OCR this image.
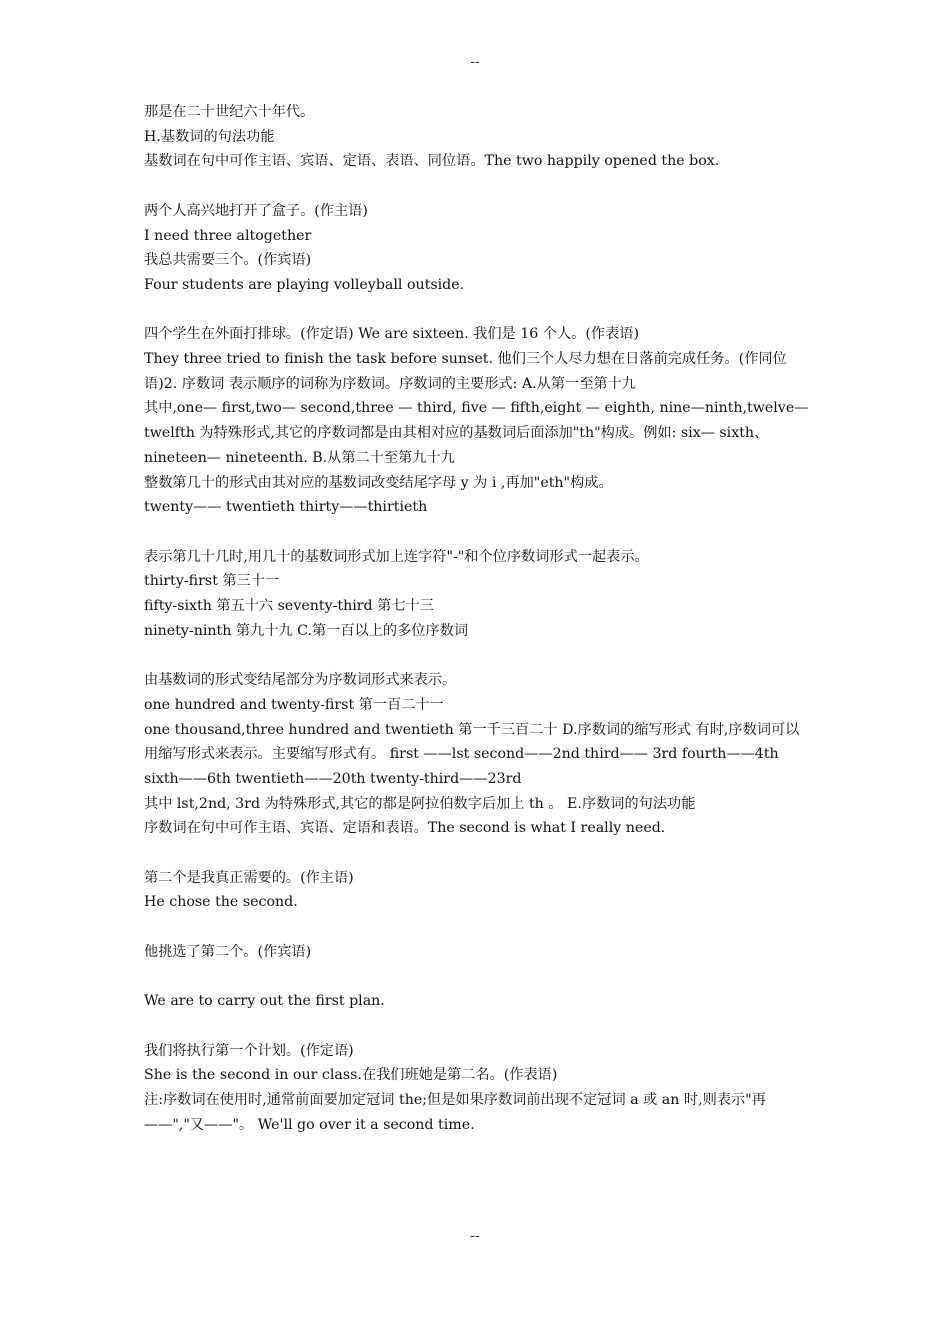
--

那是在二十世纪六十年代。

H.基数词的句法功能

基数词在句中可作主语、宾语、定语、表语、同位语。The two happily opened the box.

两个人高兴地打开了盒子。(作主语)

I need three altogether

我总共需要三个。(作宾语)

Four students are playing volleyball outside.

四个学生在外面打排球。(作定语) We are sixteen. 我们是 16 个人。(作表语)

They three tried to finish the task before sunset. 他们三个人尽力想在日落前完成任务。(作同位语)2. 序数词 表示顺序的词称为序数词。序数词的主要形式: A.从第一至第十九

其中,one— first,two— second,three — third, five — fifth,eight — eighth, nine—ninth,twelve— twelfth 为特殊形式,其它的序数词都是由其相对应的基数词后面添加"th"构成。例如: six— sixth、nineteen— nineteenth. B.从第二十至第九十九

整数第几十的形式由其对应的基数词改变结尾字母 y 为 i ,再加"eth"构成。

twenty—— twentieth thirty——thirtieth

表示第几十几时,用几十的基数词形式加上连字符"-"和个位序数词形式一起表示。

thirty-first 第三十一

fifty-sixth 第五十六 seventy-third 第七十三

ninety-ninth 第九十九 C.第一百以上的多位序数词

由基数词的形式变结尾部分为序数词形式来表示。

one hundred and twenty-first 第一百二十一

one thousand,three hundred and twentieth 第一千三百二十 D.序数词的缩写形式 有时,序数词可以用缩写形式来表示。主要缩写形式有。 first ——lst second——2nd third—— 3rd fourth——4th sixth——6th twentieth——20th twenty-third——23rd

其中 lst,2nd, 3rd 为特殊形式,其它的都是阿拉伯数字后加上 th 。 E.序数词的句法功能

序数词在句中可作主语、宾语、定语和表语。The second is what I really need.

第二个是我真正需要的。(作主语)

He chose the second.

他挑选了第二个。(作宾语)

We are to carry out the first plan.

我们将执行第一个计划。(作定语)

She is the second in our class.在我们班她是第二名。(作表语)

注:序数词在使用时,通常前面要加定冠词 the;但是如果序数词前出现不定冠词 a 或 an 时,则表示"再——","又——"。 We'll go over it a second time.

--
